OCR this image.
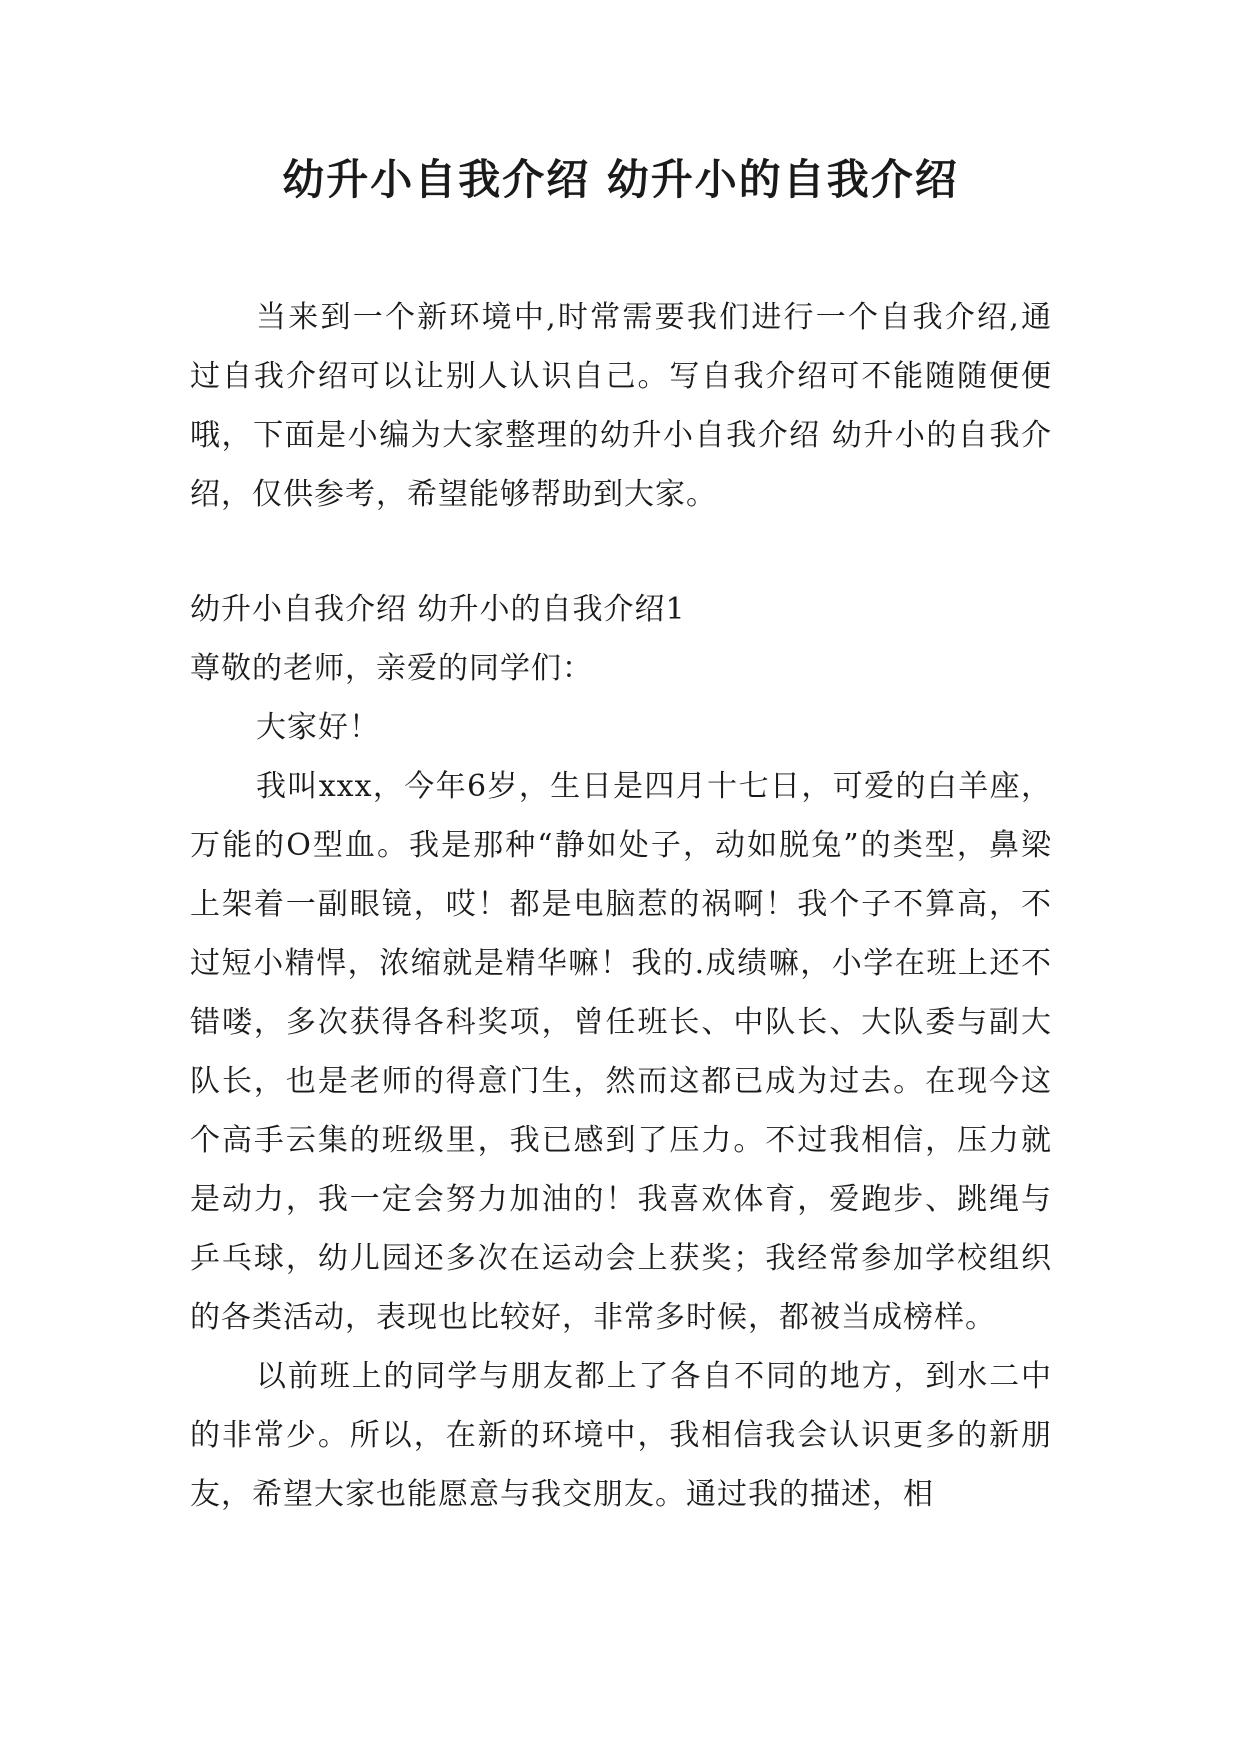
幼升小自我介绍 幼升小的自我介绍

当来到一个新环境中,时常需要我们进行一个自我介绍,通过自我介绍可以让别人认识自己。写自我介绍可不能随随便便哦，下面是小编为大家整理的幼升小自我介绍 幼升小的自我介绍，仅供参考，希望能够帮助到大家。

幼升小自我介绍 幼升小的自我介绍1

尊敬的老师，亲爱的同学们：

大家好！

我叫xxx，今年6岁，生日是四月十七日，可爱的白羊座，万能的O型血。我是那种“静如处子，动如脱兔”的类型，鼻梁上架着一副眼镜，哎！都是电脑惹的祸啊！我个子不算高，不过短小精悍，浓缩就是精华嘛！我的.成绩嘛，小学在班上还不错喽，多次获得各科奖项，曾任班长、中队长、大队委与副大队长，也是老师的得意门生，然而这都已成为过去。在现今这个高手云集的班级里，我已感到了压力。不过我相信，压力就是动力，我一定会努力加油的！我喜欢体育，爱跑步、跳绳与乒乓球，幼儿园还多次在运动会上获奖；我经常参加学校组织的各类活动，表现也比较好，非常多时候，都被当成榜样。

以前班上的同学与朋友都上了各自不同的地方，到水二中的非常少。所以，在新的环境中，我相信我会认识更多的新朋友，希望大家也能愿意与我交朋友。通过我的描述，相
